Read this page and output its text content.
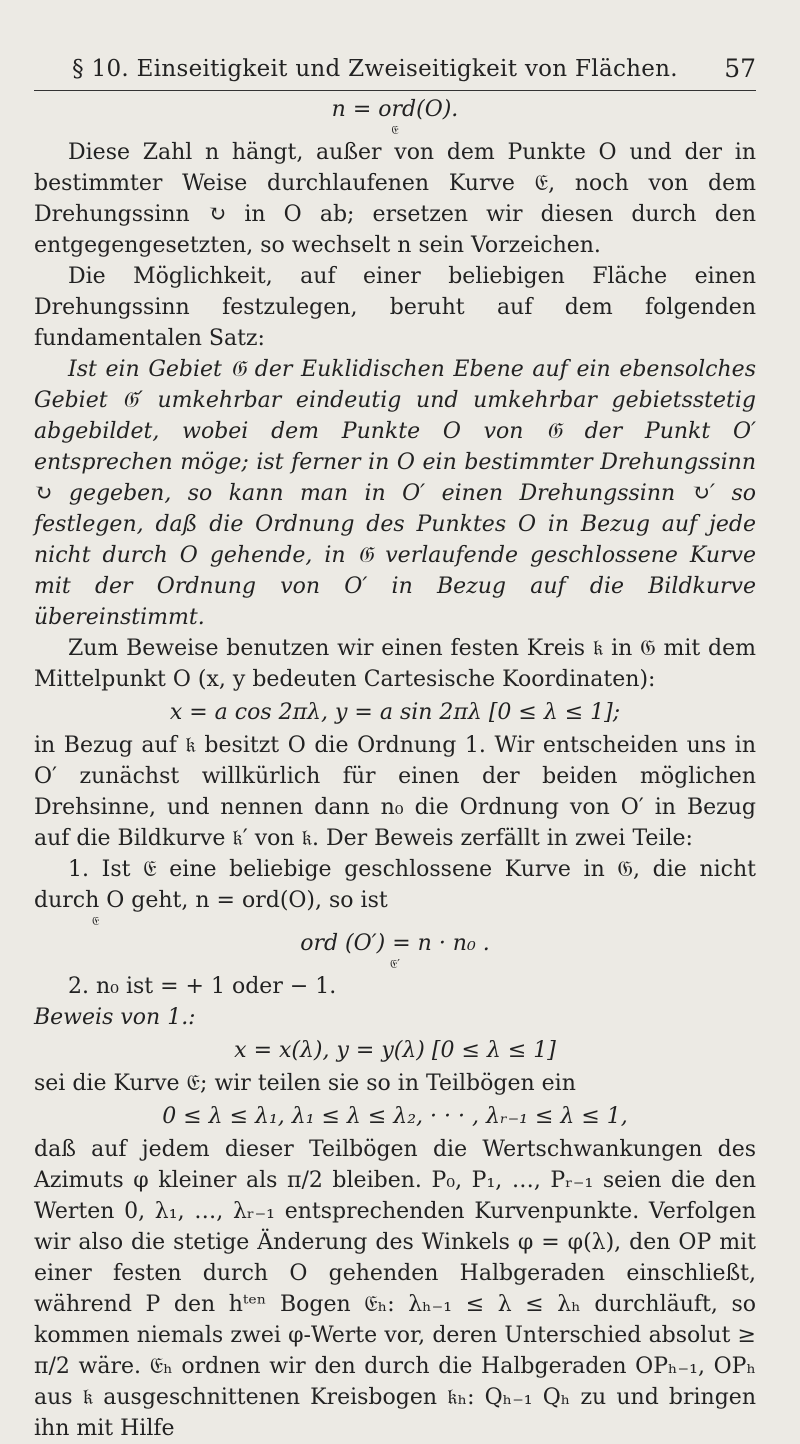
§ 10. Einseitigkeit und Zweiseitigkeit von Flächen.	57
n = ord(O).
𝔈

Diese Zahl n hängt, außer von dem Punkte O und der in bestimmter Weise durchlaufenen Kurve 𝔈, noch von dem Drehungssinn ↻ in O ab; ersetzen wir diesen durch den entgegengesetzten, so wechselt n sein Vorzeichen.

Die Möglichkeit, auf einer beliebigen Fläche einen Drehungssinn festzulegen, beruht auf dem folgenden fundamentalen Satz:

Ist ein Gebiet 𝔊 der Euklidischen Ebene auf ein ebensolches Gebiet 𝔊′ umkehrbar eindeutig und umkehrbar gebietsstetig abgebildet, wobei dem Punkte O von 𝔊 der Punkt O′ entsprechen möge; ist ferner in O ein bestimmter Drehungssinn ↻ gegeben, so kann man in O′ einen Drehungssinn ↻′ so festlegen, daß die Ordnung des Punktes O in Bezug auf jede nicht durch O gehende, in 𝔊 verlaufende geschlossene Kurve mit der Ordnung von O′ in Bezug auf die Bildkurve übereinstimmt.

Zum Beweise benutzen wir einen festen Kreis 𝔨 in 𝔊 mit dem Mittelpunkt O (x, y bedeuten Cartesische Koordinaten):

x = a cos 2πλ, y = a sin 2πλ [0 ≤ λ ≤ 1];

in Bezug auf 𝔨 besitzt O die Ordnung 1. Wir entscheiden uns in O′ zunächst willkürlich für einen der beiden möglichen Drehsinne, und nennen dann n₀ die Ordnung von O′ in Bezug auf die Bildkurve 𝔨′ von 𝔨. Der Beweis zerfällt in zwei Teile:

1. Ist 𝔈 eine beliebige geschlossene Kurve in 𝔊, die nicht durch O geht, n = ord(O), so ist

𝔈
ord (O′) = n · n₀ .
𝔈′

2. n₀ ist = + 1 oder − 1.

Beweis von 1.:

x = x(λ), y = y(λ) [0 ≤ λ ≤ 1]

sei die Kurve 𝔈; wir teilen sie so in Teilbögen ein

0 ≤ λ ≤ λ₁, λ₁ ≤ λ ≤ λ₂, · · · , λᵣ₋₁ ≤ λ ≤ 1,

daß auf jedem dieser Teilbögen die Wertschwankungen des Azimuts φ kleiner als π/2 bleiben. P₀, P₁, …, Pᵣ₋₁ seien die den Werten 0, λ₁, …, λᵣ₋₁ entsprechenden Kurvenpunkte. Verfolgen wir also die stetige Änderung des Winkels φ = φ(λ), den OP mit einer festen durch O gehenden Halbgeraden einschließt, während P den hᵗᵉⁿ Bogen 𝔈ₕ: λₕ₋₁ ≤ λ ≤ λₕ durchläuft, so kommen niemals zwei φ-Werte vor, deren Unterschied absolut ≥ π/2 wäre. 𝔈ₕ ordnen wir den durch die Halbgeraden OPₕ₋₁, OPₕ aus 𝔨 ausgeschnittenen Kreisbogen 𝔨ₕ: Qₕ₋₁ Qₕ zu und bringen ihn mit Hilfe
